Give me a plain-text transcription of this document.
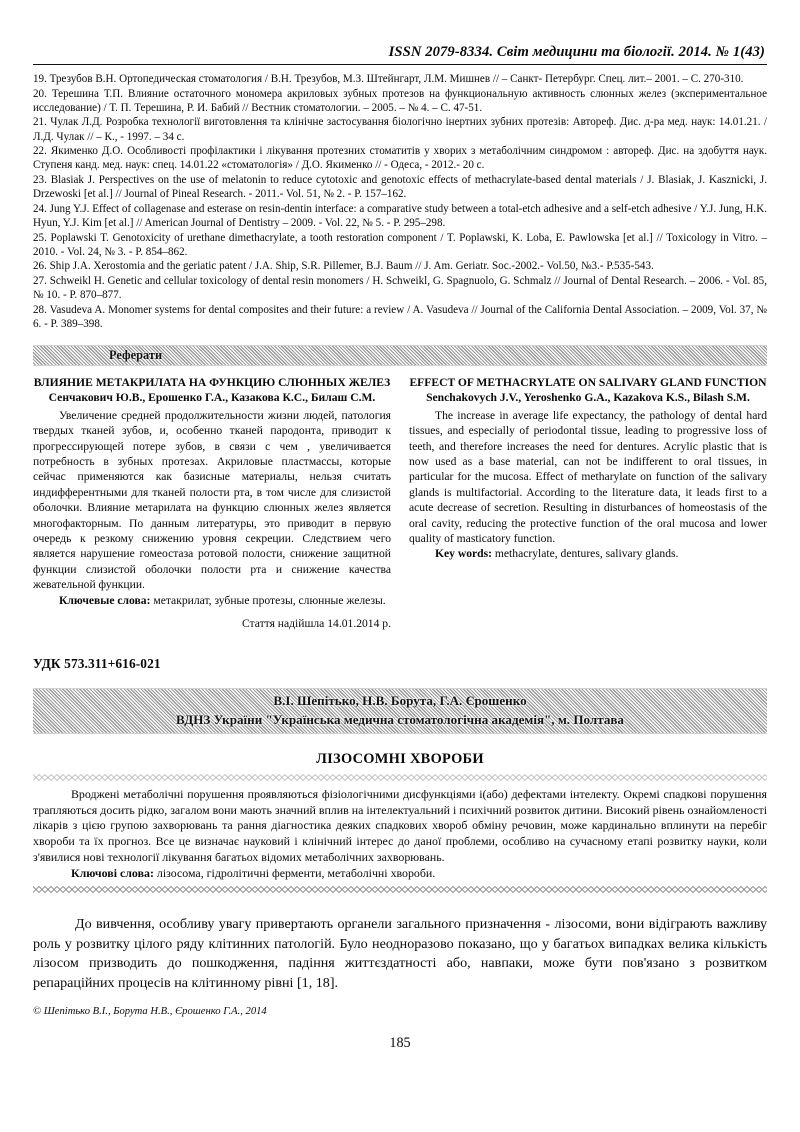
ISSN 2079-8334. Світ медицини та біології. 2014. № 1(43)

19. Трезубов В.Н. Ортопедическая стоматология / В.Н. Трезубов, М.З. Штейнгарт, Л.М. Мишнев // – Санкт- Петербург. Спец. лит.– 2001. – С. 270-310.

20. Терешина Т.П. Влияние остаточного мономера акриловых зубных протезов на функциональную активность слюнных желез (экспериментальное исследование) / Т. П. Терешина, Р. И. Бабий // Вестник стоматологии. – 2005. – № 4. – С. 47-51.

21. Чулак Л.Д. Розробка технології виготовлення та клінічне застосування біологічно інертних зубних протезів: Автореф. Дис. д-ра мед. наук: 14.01.21. / Л.Д. Чулак // – К., - 1997. – 34 с.

22. Якименко Д.О. Особливості профілактики і лікування протезних стоматитів у хворих з метаболічним синдромом : автореф. Дис. на здобуття наук. Ступеня канд. мед. наук: спец. 14.01.22 «стоматологія» / Д.О. Якименко // - Одеса, - 2012.- 20 с.

23. Blasiak J. Perspectives on the use of melatonin to reduce cytotoxic and genotoxic effects of methacrylate-based dental materials / J. Blasiak, J. Kasznicki, J. Drzewoski [et al.] // Journal of Pineal Research. - 2011.- Vol. 51, № 2. - P. 157–162.

24. Jung Y.J. Effect of collagenase and esterase on resin-dentin interface: a comparative study between a total-etch adhesive and a self-etch adhesive / Y.J. Jung, H.K. Hyun, Y.J. Kim [et al.] // American Journal of Dentistry – 2009. - Vol. 22, № 5. - P. 295–298.

25. Poplawski T. Genotoxicity of urethane dimethacrylate, a tooth restoration component / T. Poplawski, K. Loba, E. Pawlowska [et al.] // Toxicology in Vitro. – 2010. - Vol. 24, № 3. - P. 854–862.

26. Ship J.A. Xerostomia and the geriatic patent / J.A. Ship, S.R. Pillemer, B.J. Baum // J. Am. Geriatr. Soc.-2002.- Vol.50, №3.- P.535-543.

27. Schweikl H. Genetic and cellular toxicology of dental resin monomers / H. Schweikl, G. Spagnuolo, G. Schmalz // Journal of Dental Research. – 2006. - Vol. 85, № 10. - P. 870–877.

28. Vasudeva A. Monomer systems for dental composites and their future: a review / A. Vasudeva // Journal of the California Dental Association. – 2009, Vol. 37, № 6. - P. 389–398.

Реферати
ВЛИЯНИЕ МЕТАКРИЛАТА НА ФУНКЦИЮ СЛЮННЫХ ЖЕЛЕЗ
Сенчакович Ю.В., Ерошенко Г.А., Казакова К.С., Билаш С.М.

Увеличение средней продолжительности жизни людей, патология твердых тканей зубов, и, особенно тканей пародонта, приводит к прогрессирующей потере зубов, в связи с чем , увеличивается потребность в зубных протезах. Акриловые пластмассы, которые сейчас применяются как базисные материалы, нельзя считать индифферентными для тканей полости рта, в том числе для слизистой оболочки. Влияние метарилата на функцию слюнных желез является многофакторным. По данным литературы, это приводит в первую очередь к резкому снижению уровня секреции. Следствием чего является нарушение гомеостаза ротовой полости, снижение защитной функции слизистой оболочки полости рта и снижение качества жевательной функции.

Ключевые слова: метакрилат, зубные протезы, слюнные железы.

Стаття надійшла 14.01.2014 р.
EFFECT OF METHACRYLATE ON SALIVARY GLAND FUNCTION
Senchakovych J.V., Yeroshenko G.A., Kazakova K.S., Bilash S.M.

The increase in average life expectancy, the pathology of dental hard tissues, and especially of periodontal tissue, leading to progressive loss of teeth, and therefore increases the need for dentures. Acrylic plastic that is now used as a base material, can not be indifferent to oral tissues, in particular for the mucosa. Effect of metharylate on function of the salivary glands is multifactorial. According to the literature data, it leads first to a acute decrease of secretion. Resulting in disturbances of homeostasis of the oral cavity, reducing the protective function of the oral mucosa and lower quality of masticatory function.

Key words: methacrylate, dentures, salivary glands.

УДК 573.311+616-021
В.І. Шепітько, Н.В. Борута, Г.А. Єрошенко
ВДНЗ України "Українська медична стоматологічна академія", м. Полтава
ЛІЗОСОМНІ ХВОРОБИ

Вроджені метаболічні порушення проявляються фізіологічними дисфункціями і(або) дефектами інтелекту. Окремі спадкові порушення трапляються досить рідко, загалом вони мають значний вплив на інтелектуальний і психічний розвиток дитини. Високий рівень ознайомленості лікарів з цією групою захворювань та рання діагностика деяких спадкових хвороб обміну речовин, може кардинально вплинути на перебіг хвороби та їх прогноз. Все це визначає науковий і клінічний інтерес до даної проблеми, особливо на сучасному етапі розвитку науки, коли з'явилися нові технології лікування багатьох відомих метаболічних захворювань.

Ключові слова: лізосома, гідролітичні ферменти, метаболічні хвороби.

До вивчення, особливу увагу привертають органели загального призначення - лізосоми, вони відіграють важливу роль у розвитку цілого ряду клітинних патологій. Було неодноразово показано, що у багатьох випадках велика кількість лізосом призводить до пошкодження, падіння життєздатності або, навпаки, може бути пов'язано з розвитком репараційних процесів на клітинному рівні [1, 18].

© Шепітько В.І., Борута Н.В., Єрошенко Г.А., 2014
185
